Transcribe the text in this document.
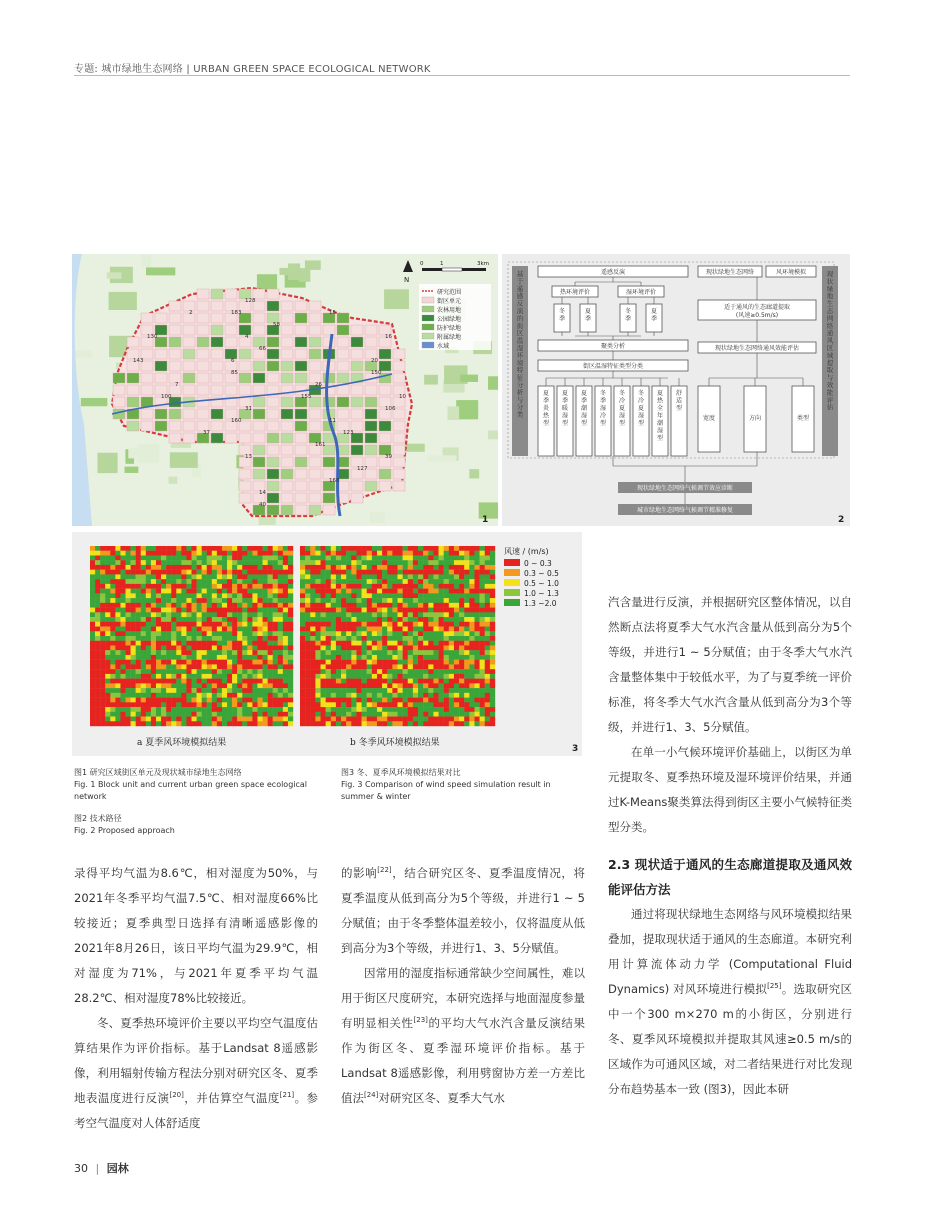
专题: 城市绿地生态网络 | URBAN GREEN SPACE ECOLOGICAL NETWORK
2
4
6
7
10
11
13
14
15
16
20
26
31
37
39
40
58
66
85
100
106
123
127
128
130
143
150
155
160
161
168
183
N
0	1	3km
研究范围
街区单元
农林用地
公园绿地
防护绿地
附属绿地
水域
1
基于遥感反演的街区温湿环境特征分析与分类
现状绿地生态网络通风区域提取与效能评估
遥感反演	现状绿地生态网络	风环境模拟
热环境评价	湿环境评价
冬季
夏季
冬季
夏季
适于通风的生态廊道提取
(风速≥0.5m/s)
聚类分析	现状绿地生态网络通风效能评估
街区温湿特征类型分类
夏季炎热型
夏季暖湿型
夏季潮湿型
冬季湿冷型
冬冷夏湿型
冬冷夏湿型
夏热全年潮湿型
舒适型
宽度	方向	类型
现状绿地生态网络气候调节效应诊断
城市绿地生态网络气候调节精准修复
2
风速 / (m/s)
0 ~ 0.3
0.3 ~ 0.5
0.5 ~ 1.0
1.0 ~ 1.3
1.3 ~2.0
a 夏季风环境模拟结果	b 冬季风环境模拟结果
3
图1 研究区域街区单元及现状城市绿地生态网络
Fig. 1 Block unit and current urban green space ecological network
图2 技术路径
Fig. 2 Proposed approach
图3 冬、夏季风环境模拟结果对比
Fig. 3 Comparison of wind speed simulation result in summer & winter

录得平均气温为8.6℃，相对湿度为50%，与2021年冬季平均气温7.5℃、相对湿度66%比较接近；夏季典型日选择有清晰遥感影像的2021年8月26日，该日平均气温为29.9℃，相对湿度为71%，与2021年夏季平均气温28.2℃、相对湿度78%比较接近。

冬、夏季热环境评价主要以平均空气温度估算结果作为评价指标。基于Landsat 8遥感影像，利用辐射传输方程法分别对研究区冬、夏季地表温度进行反演[20]，并估算空气温度[21]。参考空气温度对人体舒适度

的影响[22]，结合研究区冬、夏季温度情况，将夏季温度从低到高分为5个等级，并进行1 ~ 5分赋值；由于冬季整体温差较小，仅将温度从低到高分为3个等级，并进行1、3、5分赋值。

因常用的湿度指标通常缺少空间属性，难以用于街区尺度研究，本研究选择与地面湿度参量有明显相关性[23]的平均大气水汽含量反演结果作为街区冬、夏季湿环境评价指标。基于Landsat 8遥感影像，利用劈窗协方差一方差比值法[24]对研究区冬、夏季大气水

汽含量进行反演，并根据研究区整体情况，以自然断点法将夏季大气水汽含量从低到高分为5个等级，并进行1 ~ 5分赋值；由于冬季大气水汽含量整体集中于较低水平，为了与夏季统一评价标准，将冬季大气水汽含量从低到高分为3个等级，并进行1、3、5分赋值。

在单一小气候环境评价基础上，以街区为单元提取冬、夏季热环境及湿环境评价结果，并通过K-Means聚类算法得到街区主要小气候特征类型分类。

2.3 现状适于通风的生态廊道提取及通风效能评估方法

通过将现状绿地生态网络与风环境模拟结果叠加，提取现状适于通风的生态廊道。本研究利用计算流体动力学 (Computational Fluid Dynamics) 对风环境进行模拟[25]。选取研究区中一个300 m×270 m的小街区，分别进行冬、夏季风环境模拟并提取其风速≥0.5 m/s的区域作为可通风区域，对二者结果进行对比发现分布趋势基本一致 (图3)，因此本研

30 | 园林
